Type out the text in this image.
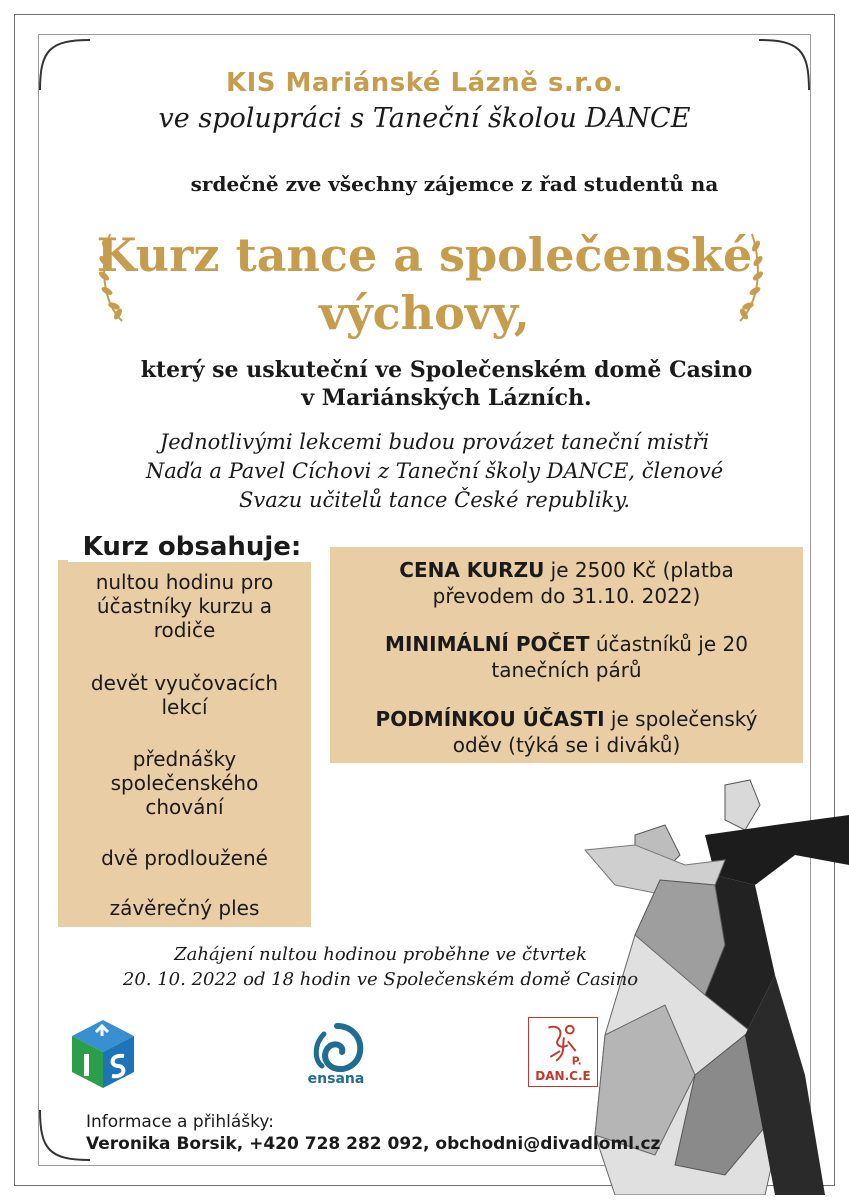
KIS Mariánské Lázně s.r.o.
ve spolupráci s Taneční školou DANCE
srdečně zve všechny zájemce z řad studentů na
Kurz tance a společenské
výchovy,
který se uskuteční ve Společenském domě Casino
v Mariánských Lázních.
Jednotlivými lekcemi budou provázet taneční mistři
Naďa a Pavel Cíchovi z Taneční školy DANCE, členové
Svazu učitelů tance České republiky.
Kurz obsahuje:
nultou hodinu pro
účastníky kurzu a
rodiče
devět vyučovacích
lekcí
přednášky
společenského
chování
dvě prodloužené
závěrečný ples
CENA KURZU je 2500 Kč (platba
převodem do 31.10. 2022)
MINIMÁLNÍ POČET účastníků je 20
tanečních párů
PODMÍNKOU ÚČASTI je společenský
oděv (týká se i diváků)
Zahájení nultou hodinou proběhne ve čtvrtek
20. 10. 2022 od 18 hodin ve Společenském domě Casino
ensana
P.
DAN.C.E
Informace a přihlášky:
Veronika Borsik, +420 728 282 092, obchodni@divadloml.cz
